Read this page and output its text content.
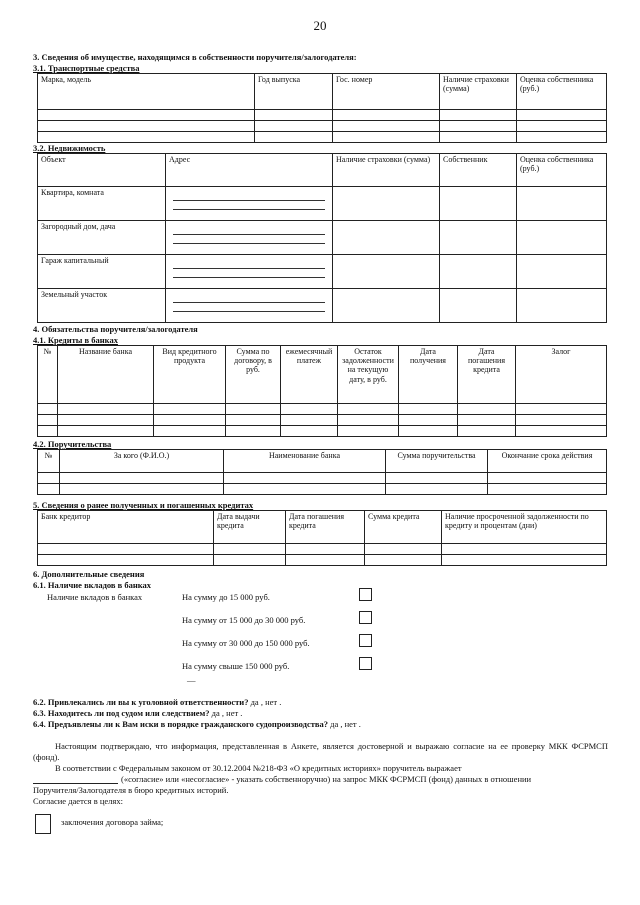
20
3. Сведения об имуществе, находящимся в собственности поручителя/залогодателя:
3.1. Транспортные средства
Марка, модель	Год выпуска	Гос. номер	Наличие страховки (сумма)	Оценка собственника (руб.)

3.2. Недвижимость
Объект	Адрес	Наличие страховки (сумма)	Собственник	Оценка собственника (руб.)
Квартира, комната	

Загородный дом, дача	

Гараж капитальный	

Земельный участок	

4. Обязательства поручителя/залогодателя
4.1. Кредиты в банках
№	Название банка	Вид кредитного продукта	Сумма по договору, в руб.	ежемесячный платеж	Остаток задолженности на текущую дату, в руб.	Дата получения	Дата погашения кредита	Залог

4.2. Поручительства
№	За кого (Ф.И.О.)	Наименование банка	Сумма поручительства	Окончание срока действия

5. Сведения о ранее полученных и погашенных кредитах
Банк кредитор	Дата выдачи кредита	Дата погашения кредита	Сумма кредита	Наличие просроченной задолженности по кредиту и процентам (дни)

6. Дополнительные сведения
6.1. Наличие вкладов в банках
Наличие вкладов в банках	На сумму до 15 000 руб.
На сумму от 15 000 до 30 000 руб.
На сумму от 30 000 до 150 000 руб.
На сумму свыше 150 000 руб.
—
6.2. Привлекались ли вы к уголовной ответственности? да , нет .
6.3. Находитесь ли под судом или следствием? да , нет .
6.4. Предъявлены ли к Вам иски в порядке гражданского судопроизводства? да , нет .
Настоящим подтверждаю, что информация, представленная в Анкете, является достоверной и выражаю согласие на ее проверку МКК ФСРМСП (фонд).
В соответствии с Федеральным законом от 30.12.2004 №218-ФЗ «О кредитных историях» поручитель выражает
(«согласие» или «несогласие» - указать собственноручно) на запрос МКК ФСРМСП (фонд) данных в отношении
Поручителя/Залогодателя в бюро кредитных историй.
Согласие дается в целях:
заключения договора займа;
